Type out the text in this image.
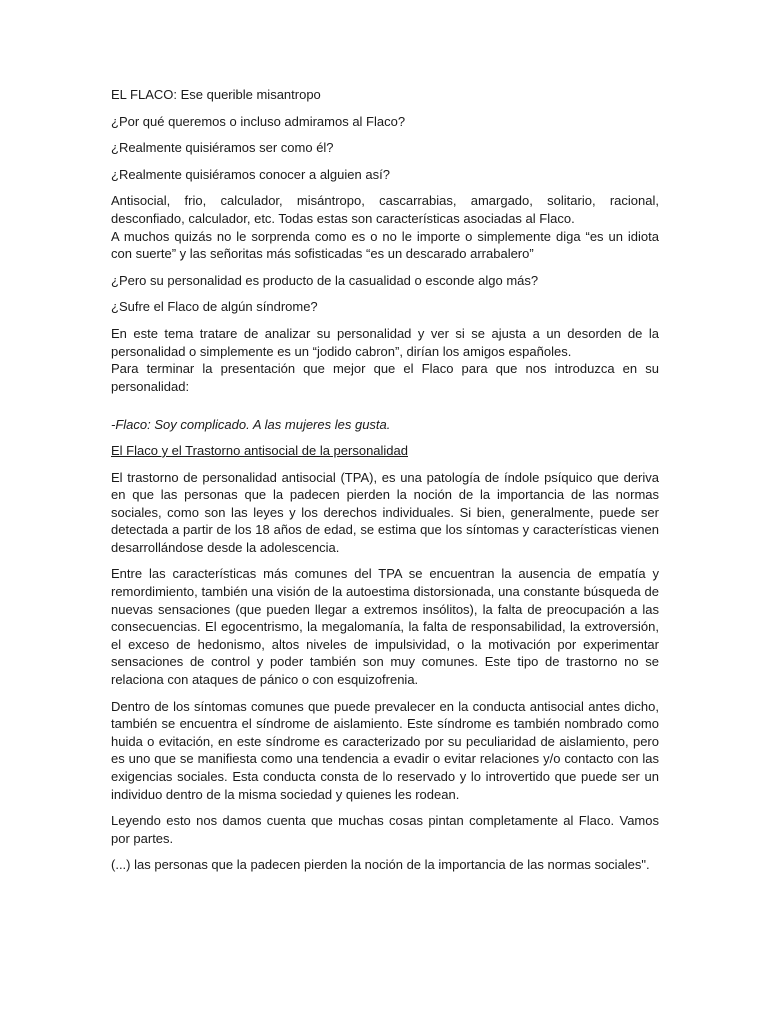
EL FLACO: Ese querible misantropo

¿Por qué queremos o incluso admiramos al Flaco?

¿Realmente quisiéramos ser como él?

¿Realmente quisiéramos conocer a alguien así?

Antisocial, frio, calculador, misántropo, cascarrabias, amargado, solitario, racional, desconfiado, calculador, etc. Todas estas son características asociadas al Flaco.

A muchos quizás no le sorprenda como es o no le importe o simplemente diga “es un idiota con suerte” y las señoritas más sofisticadas “es un descarado arrabalero”

¿Pero su personalidad es producto de la casualidad o esconde algo más?

¿Sufre el Flaco de algún síndrome?

En este tema tratare de analizar su personalidad y ver si se ajusta a un desorden de la personalidad o simplemente es un “jodido cabron”, dirían los amigos españoles.

Para terminar la presentación que mejor que el Flaco para que nos introduzca en su personalidad:

-Flaco: Soy complicado. A las mujeres les gusta.

El Flaco y el Trastorno antisocial de la personalidad

El trastorno de personalidad antisocial (TPA), es una patología de índole psíquico que deriva en que las personas que la padecen pierden la noción de la importancia de las normas sociales, como son las leyes y los derechos individuales. Si bien, generalmente, puede ser detectada a partir de los 18 años de edad, se estima que los síntomas y características vienen desarrollándose desde la adolescencia.

Entre las características más comunes del TPA se encuentran la ausencia de empatía y remordimiento, también una visión de la autoestima distorsionada, una constante búsqueda de nuevas sensaciones (que pueden llegar a extremos insólitos), la falta de preocupación a las consecuencias. El egocentrismo, la megalomanía, la falta de responsabilidad, la extroversión, el exceso de hedonismo, altos niveles de impulsividad, o la motivación por experimentar sensaciones de control y poder también son muy comunes. Este tipo de trastorno no se relaciona con ataques de pánico o con esquizofrenia.

Dentro de los síntomas comunes que puede prevalecer en la conducta antisocial antes dicho, también se encuentra el síndrome de aislamiento. Este síndrome es también nombrado como huida o evitación, en este síndrome es caracterizado por su peculiaridad de aislamiento, pero es uno que se manifiesta como una tendencia a evadir o evitar relaciones y/o contacto con las exigencias sociales. Esta conducta consta de lo reservado y lo introvertido que puede ser un individuo dentro de la misma sociedad y quienes les rodean.

Leyendo esto nos damos cuenta que muchas cosas pintan completamente al Flaco. Vamos por partes.

(...) las personas que la padecen pierden la noción de la importancia de las normas sociales".
